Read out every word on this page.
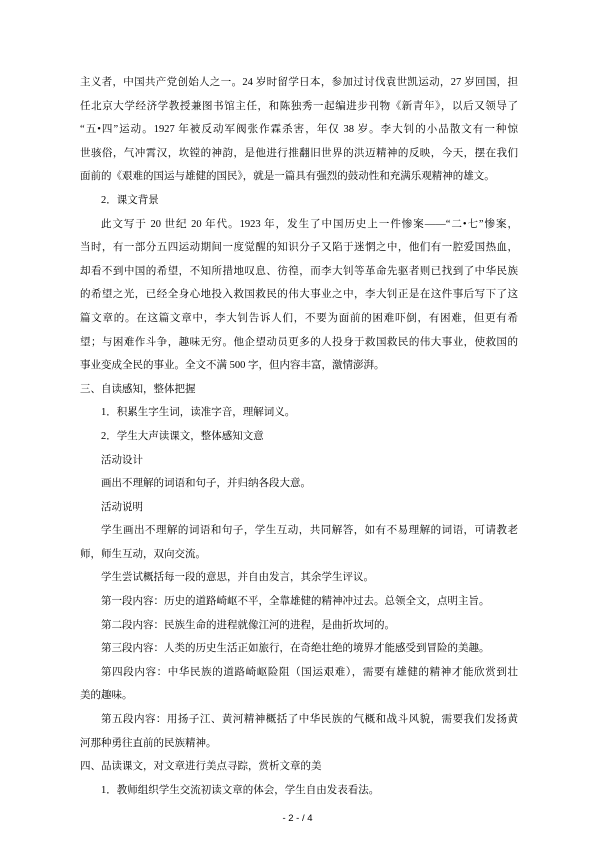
主义者，中国共产党创始人之一。24 岁时留学日本，参加过讨伐袁世凯运动，27 岁回国，担
任北京大学经济学教授兼图书馆主任，和陈独秀一起编进步刊物《新青年》，以后又领导了
“五•四”运动。1927 年被反动军阀张作霖杀害，年仅 38 岁。李大钊的小品散文有一种惊
世骇俗，气冲霄汉，坎镗的神韵，是他进行推翻旧世界的洪迈精神的反映，今天，摆在我们
面前的《艰难的国运与雄健的国民》，就是一篇具有强烈的鼓动性和充满乐观精神的雄文。
2．课文背景
此文写于 20 世纪 20 年代。1923 年，发生了中国历史上一件惨案——“二•七”惨案，
当时，有一部分五四运动期间一度觉醒的知识分子又陷于迷惘之中，他们有一腔爱国热血，
却看不到中国的希望，不知所措地叹息、彷徨，而李大钊等革命先驱者则已找到了中华民族
的希望之光，已经全身心地投入救国救民的伟大事业之中，李大钊正是在这件事后写下了这
篇文章的。在这篇文章中，李大钊告诉人们，不要为面前的困难吓倒，有困难，但更有希
望；与困难作斗争，趣味无穷。他企望动员更多的人投身于救国救民的伟大事业，使救国的
事业变成全民的事业。全文不满 500 字，但内容丰富，激情澎湃。
三、自读感知，整体把握
1．积累生字生词，读准字音，理解词义。
2．学生大声读课文，整体感知文意
活动设计
画出不理解的词语和句子，并归纳各段大意。
活动说明
学生画出不理解的词语和句子，学生互动，共同解答，如有不易理解的词语，可请教老
师，师生互动，双向交流。
学生尝试概括每一段的意思，并自由发言，其余学生评议。
第一段内容：历史的道路崎岖不平，全靠雄健的精神冲过去。总领全文，点明主旨。
第二段内容：民族生命的进程就像江河的进程，是曲折坎坷的。
第三段内容：人类的历史生活正如旅行，在奇绝壮绝的境界才能感受到冒险的美趣。
第四段内容：中华民族的道路崎岖险阻（国运艰难），需要有雄健的精神才能欣赏到壮
美的趣味。
第五段内容：用扬子江、黄河精神概括了中华民族的气概和战斗风貌，需要我们发扬黄
河那种勇往直前的民族精神。
四、品读课文，对文章进行美点寻踪，赏析文章的美
1．教师组织学生交流初读文章的体会，学生自由发表看法。
- 2 - / 4
